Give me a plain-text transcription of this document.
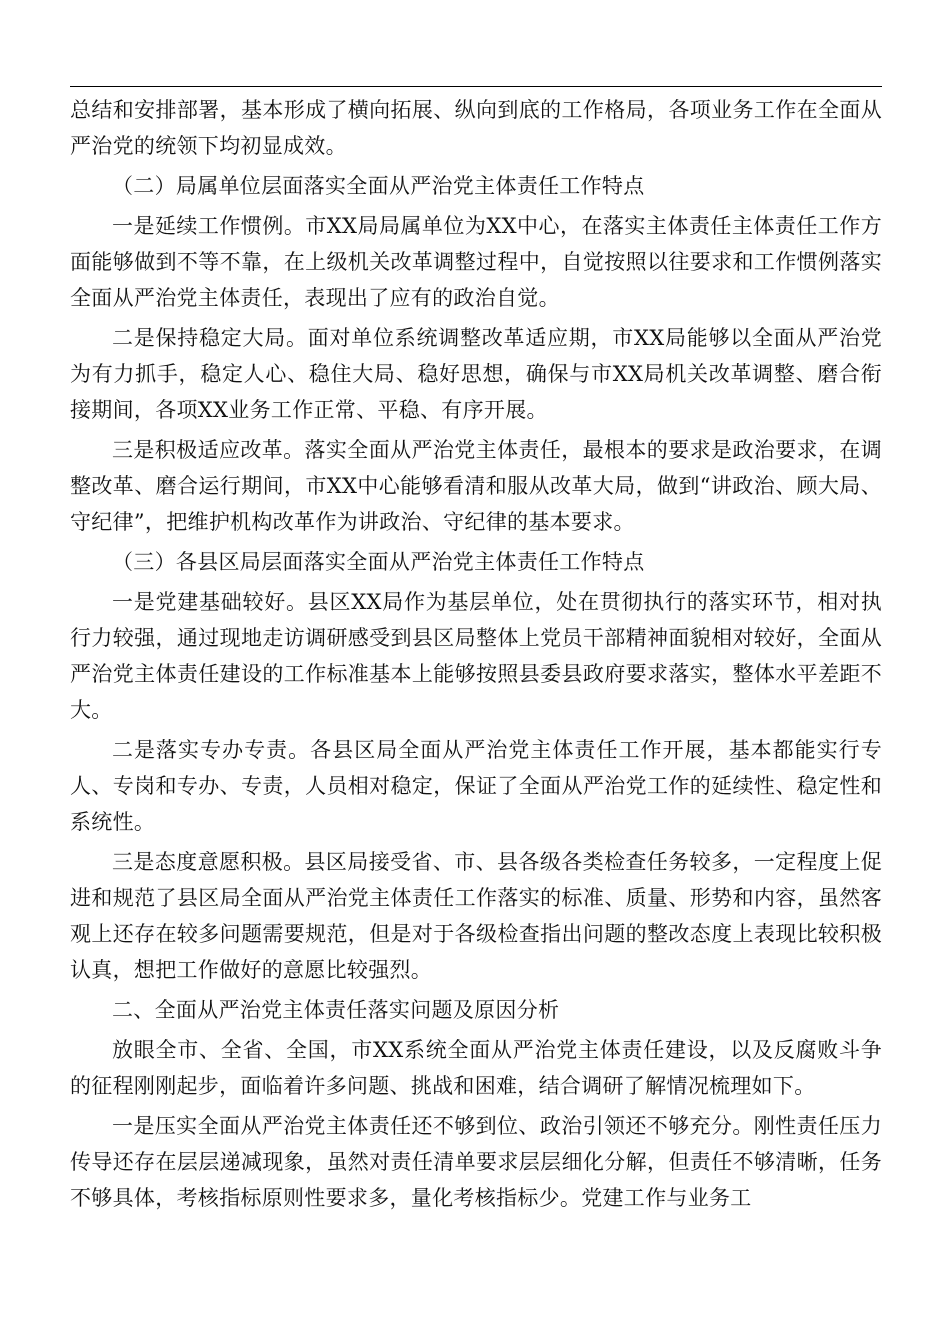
总结和安排部署，基本形成了横向拓展、纵向到底的工作格局，各项业务工作在全面从严治党的统领下均初显成效。

（二）局属单位层面落实全面从严治党主体责任工作特点

一是延续工作惯例。市XX局局属单位为XX中心，在落实主体责任主体责任工作方面能够做到不等不靠，在上级机关改革调整过程中，自觉按照以往要求和工作惯例落实全面从严治党主体责任，表现出了应有的政治自觉。

二是保持稳定大局。面对单位系统调整改革适应期，市XX局能够以全面从严治党为有力抓手，稳定人心、稳住大局、稳好思想，确保与市XX局机关改革调整、磨合衔接期间，各项XX业务工作正常、平稳、有序开展。

三是积极适应改革。落实全面从严治党主体责任，最根本的要求是政治要求，在调整改革、磨合运行期间，市XX中心能够看清和服从改革大局，做到“讲政治、顾大局、守纪律”，把维护机构改革作为讲政治、守纪律的基本要求。

（三）各县区局层面落实全面从严治党主体责任工作特点

一是党建基础较好。县区XX局作为基层单位，处在贯彻执行的落实环节，相对执行力较强，通过现地走访调研感受到县区局整体上党员干部精神面貌相对较好，全面从严治党主体责任建设的工作标准基本上能够按照县委县政府要求落实，整体水平差距不大。

二是落实专办专责。各县区局全面从严治党主体责任工作开展，基本都能实行专人、专岗和专办、专责，人员相对稳定，保证了全面从严治党工作的延续性、稳定性和系统性。

三是态度意愿积极。县区局接受省、市、县各级各类检查任务较多，一定程度上促进和规范了县区局全面从严治党主体责任工作落实的标准、质量、形势和内容，虽然客观上还存在较多问题需要规范，但是对于各级检查指出问题的整改态度上表现比较积极认真，想把工作做好的意愿比较强烈。

二、全面从严治党主体责任落实问题及原因分析

放眼全市、全省、全国，市XX系统全面从严治党主体责任建设，以及反腐败斗争的征程刚刚起步，面临着许多问题、挑战和困难，结合调研了解情况梳理如下。

一是压实全面从严治党主体责任还不够到位、政治引领还不够充分。刚性责任压力传导还存在层层递减现象，虽然对责任清单要求层层细化分解，但责任不够清晰，任务不够具体，考核指标原则性要求多，量化考核指标少。党建工作与业务工
